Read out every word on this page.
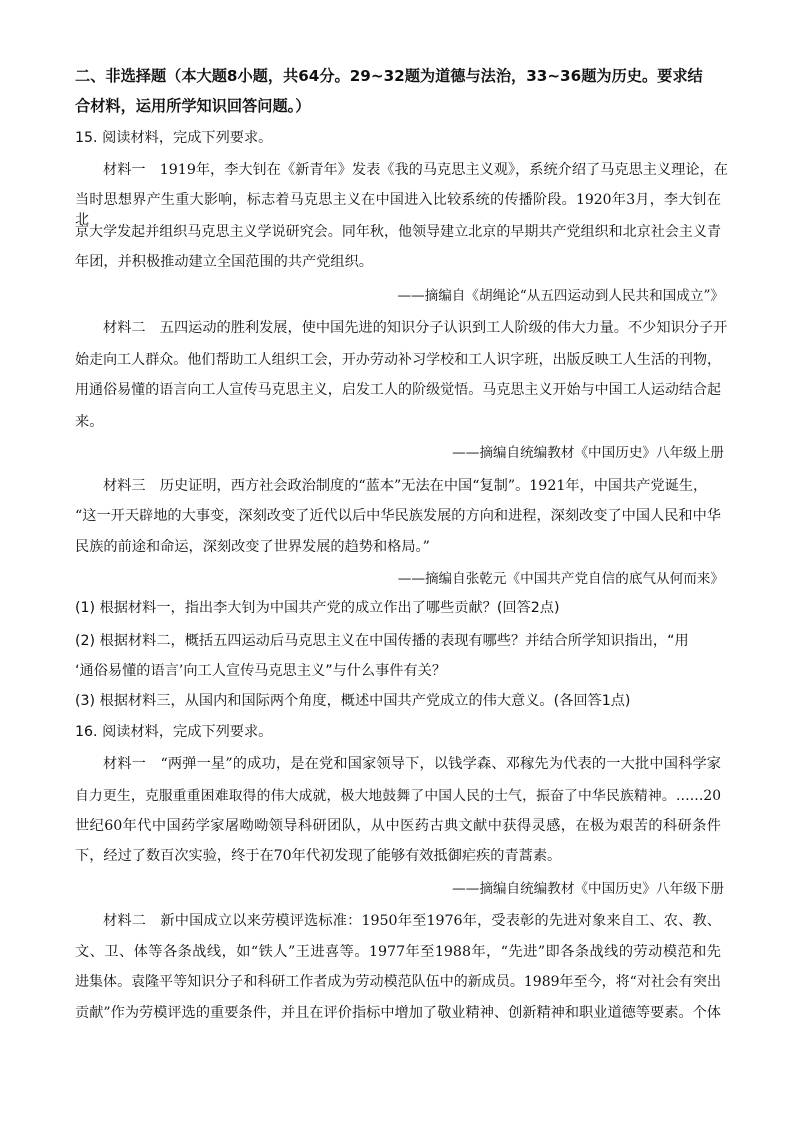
二、非选择题（本大题8小题，共64分。29~32题为道德与法治，33~36题为历史。要求结
合材料，运用所学知识回答问题。）
15. 阅读材料，完成下列要求。
材料一　1919年，李大钊在《新青年》发表《我的马克思主义观》，系统介绍了马克思主义理论，在
当时思想界产生重大影响，标志着马克思主义在中国进入比较系统的传播阶段。1920年3月，李大钊在北
京大学发起并组织马克思主义学说研究会。同年秋，他领导建立北京的早期共产党组织和北京社会主义青
年团，并积极推动建立全国范围的共产党组织。
——摘编自《胡绳论“从五四运动到人民共和国成立”》
材料二　五四运动的胜利发展，使中国先进的知识分子认识到工人阶级的伟大力量。不少知识分子开
始走向工人群众。他们帮助工人组织工会，开办劳动补习学校和工人识字班，出版反映工人生活的刊物，
用通俗易懂的语言向工人宣传马克思主义，启发工人的阶级觉悟。马克思主义开始与中国工人运动结合起
来。
——摘编自统编教材《中国历史》八年级上册
材料三　历史证明，西方社会政治制度的“蓝本”无法在中国“复制”。1921年，中国共产党诞生，
“这一开天辟地的大事变，深刻改变了近代以后中华民族发展的方向和进程，深刻改变了中国人民和中华
民族的前途和命运，深刻改变了世界发展的趋势和格局。”
——摘编自张乾元《中国共产党自信的底气从何而来》
(1) 根据材料一，指出李大钊为中国共产党的成立作出了哪些贡献？(回答2点)
(2) 根据材料二，概括五四运动后马克思主义在中国传播的表现有哪些？并结合所学知识指出，“用
‘通俗易懂的语言’向工人宣传马克思主义”与什么事件有关？
(3) 根据材料三，从国内和国际两个角度，概述中国共产党成立的伟大意义。(各回答1点)
16. 阅读材料，完成下列要求。
材料一　“两弹一星”的成功，是在党和国家领导下，以钱学森、邓稼先为代表的一大批中国科学家
自力更生，克服重重困难取得的伟大成就，极大地鼓舞了中国人民的士气，振奋了中华民族精神。……20
世纪60年代中国药学家屠呦呦领导科研团队，从中医药古典文献中获得灵感，在极为艰苦的科研条件
下，经过了数百次实验，终于在70年代初发现了能够有效抵御疟疾的青蒿素。
——摘编自统编教材《中国历史》八年级下册
材料二　新中国成立以来劳模评选标准：1950年至1976年，受表彰的先进对象来自工、农、教、
文、卫、体等各条战线，如“铁人”王进喜等。1977年至1988年，“先进”即各条战线的劳动模范和先
进集体。袁隆平等知识分子和科研工作者成为劳动模范队伍中的新成员。1989年至今，将“对社会有突出
贡献”作为劳模评选的重要条件，并且在评价指标中增加了敬业精神、创新精神和职业道德等要素。个体
